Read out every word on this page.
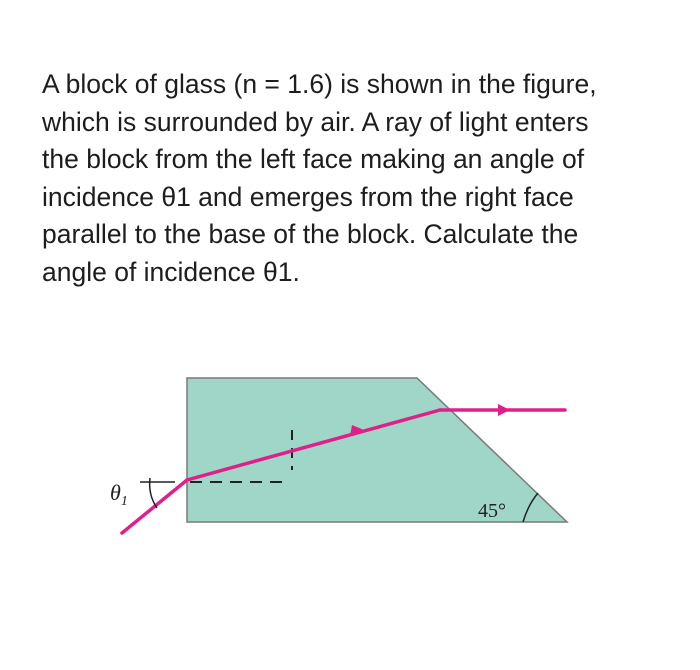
A block of glass (n = 1.6) is shown in the figure,
which is surrounded by air. A ray of light enters
the block from the left face making an angle of
incidence θ1 and emerges from the right face
parallel to the base of the block. Calculate the
angle of incidence θ1.
$\theta_1$	45°
